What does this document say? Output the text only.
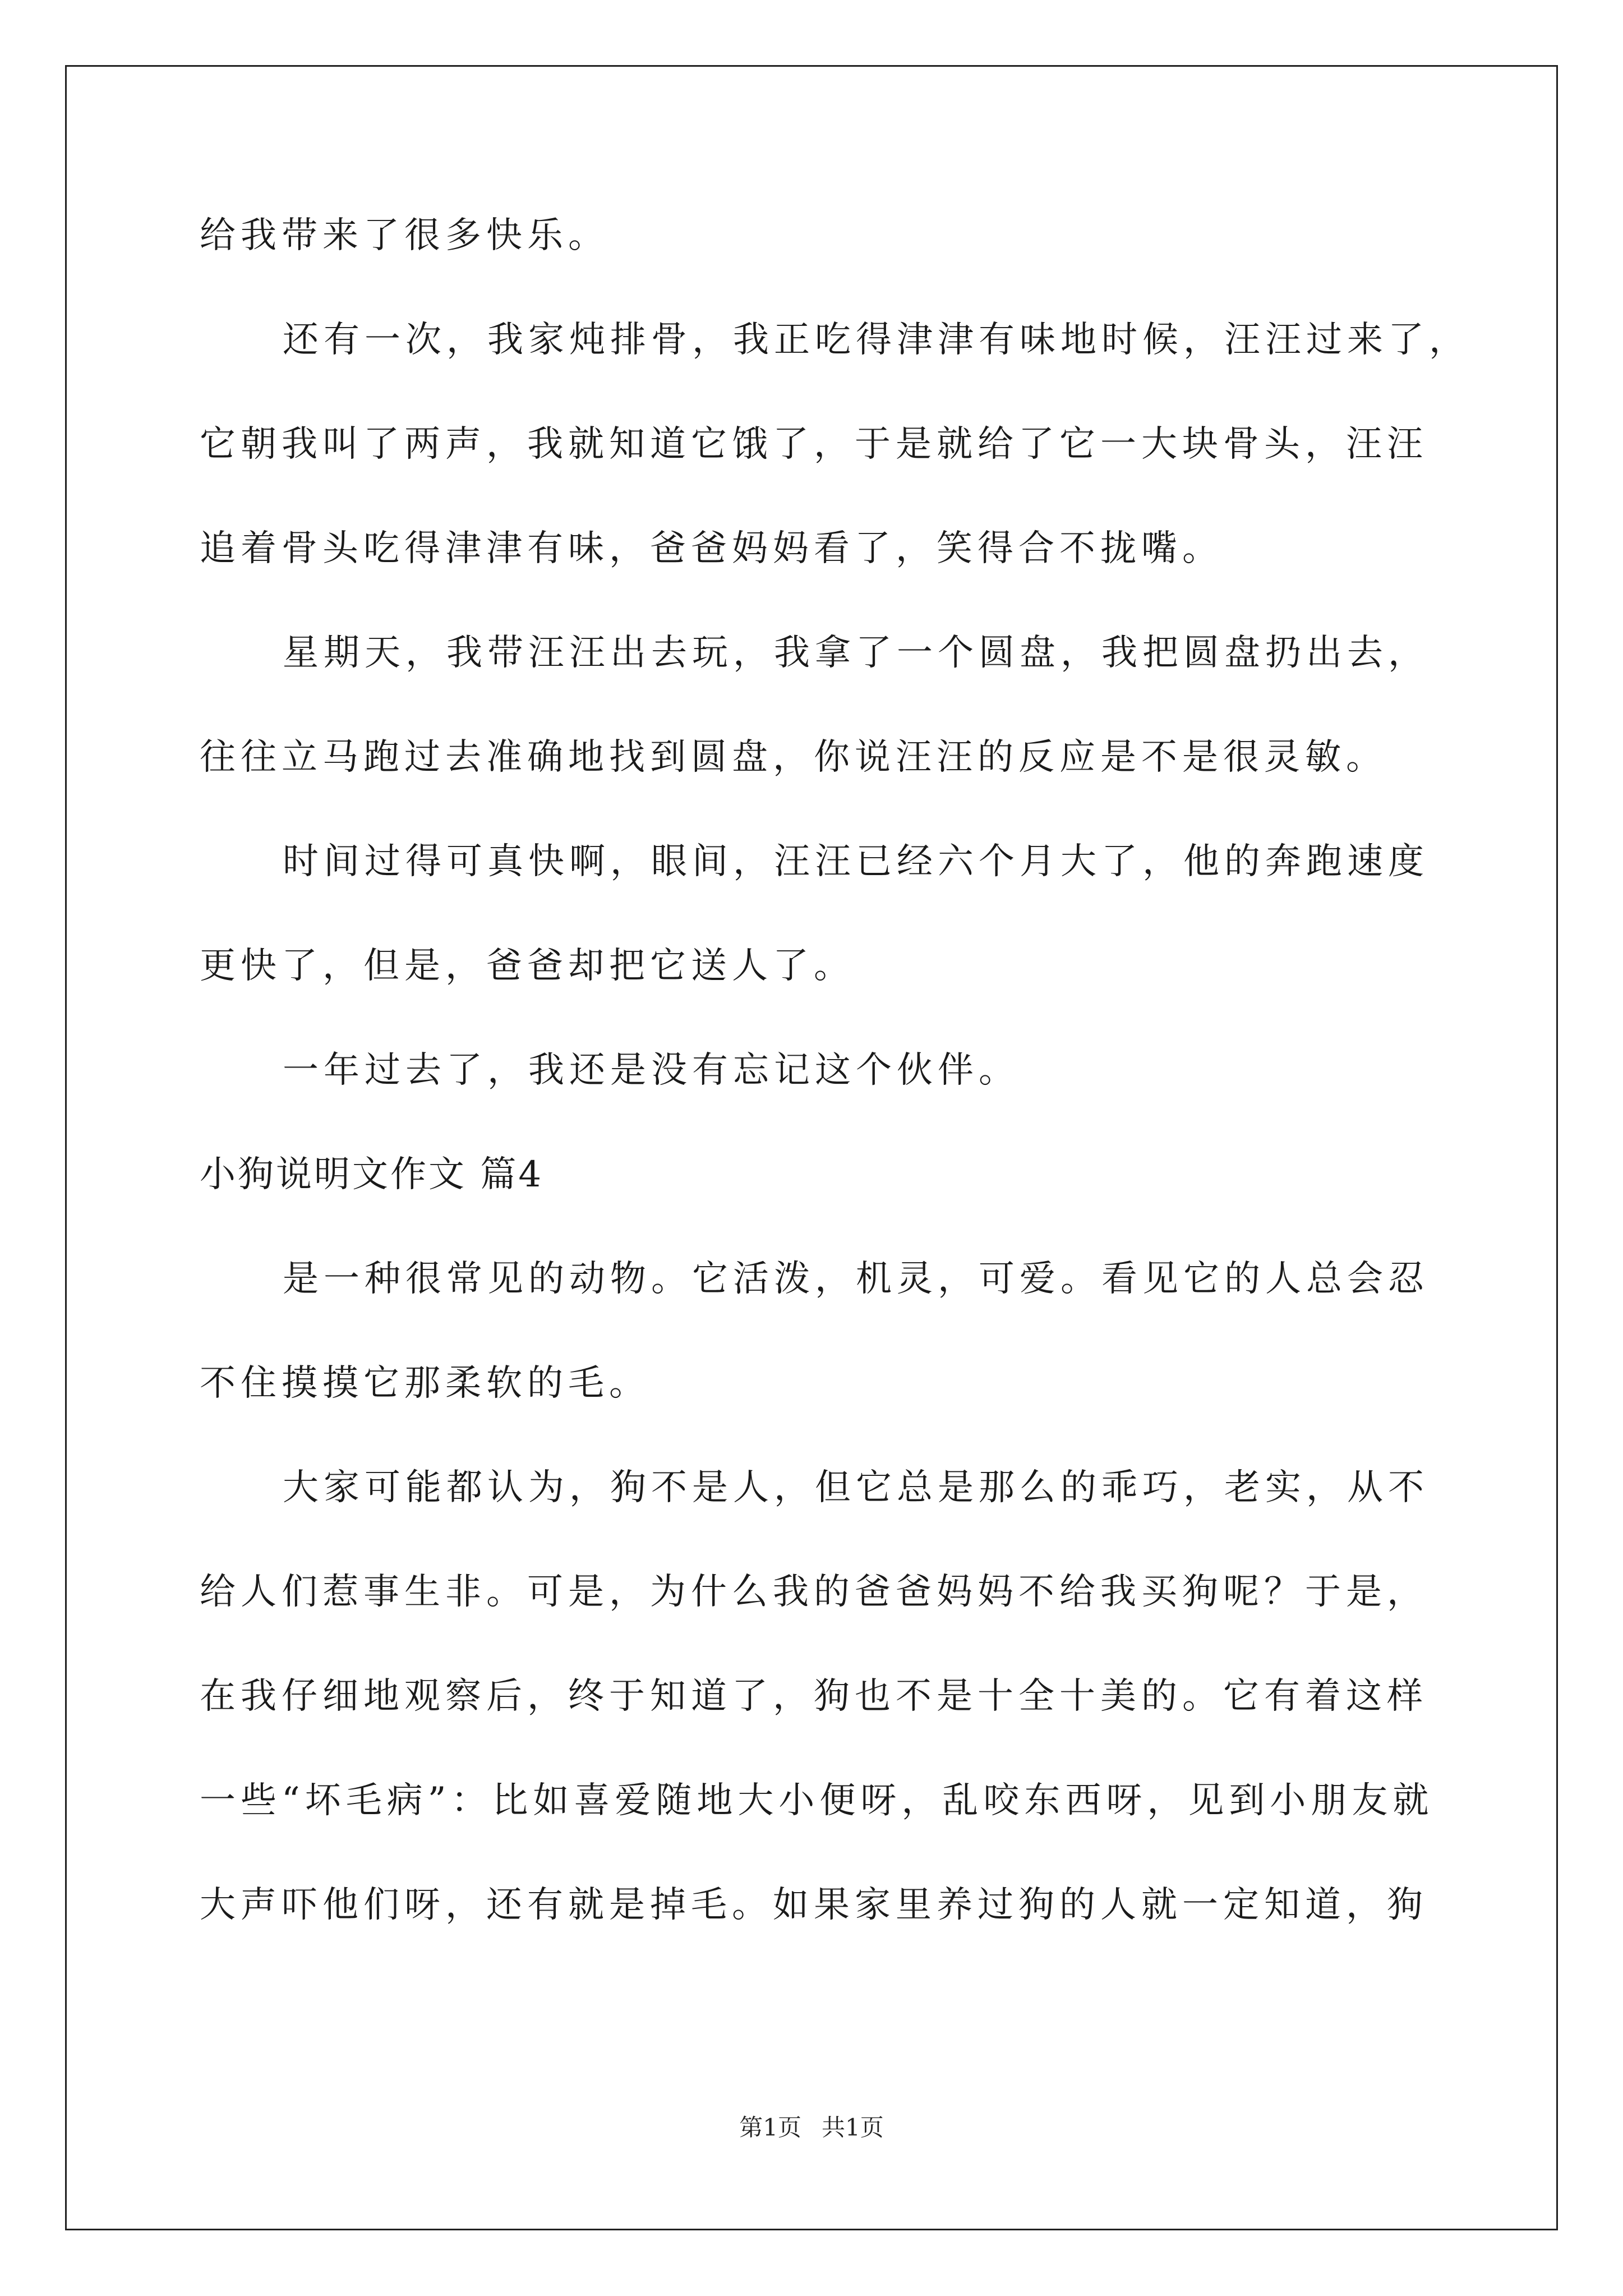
给我带来了很多快乐。
还有一次，我家炖排骨，我正吃得津津有味地时候，汪汪过来了，
它朝我叫了两声，我就知道它饿了，于是就给了它一大块骨头，汪汪
追着骨头吃得津津有味，爸爸妈妈看了，笑得合不拢嘴。
星期天，我带汪汪出去玩，我拿了一个圆盘，我把圆盘扔出去，
往往立马跑过去准确地找到圆盘，你说汪汪的反应是不是很灵敏。
时间过得可真快啊，眼间，汪汪已经六个月大了，他的奔跑速度
更快了，但是，爸爸却把它送人了。
一年过去了，我还是没有忘记这个伙伴。
小狗说明文作文 篇4
是一种很常见的动物。它活泼，机灵，可爱。看见它的人总会忍
不住摸摸它那柔软的毛。
大家可能都认为，狗不是人，但它总是那么的乖巧，老实，从不
给人们惹事生非。可是，为什么我的爸爸妈妈不给我买狗呢？于是，
在我仔细地观察后，终于知道了，狗也不是十全十美的。它有着这样
一些“坏毛病”：比如喜爱随地大小便呀，乱咬东西呀，见到小朋友就
大声吓他们呀，还有就是掉毛。如果家里养过狗的人就一定知道，狗
第1页 共1页
